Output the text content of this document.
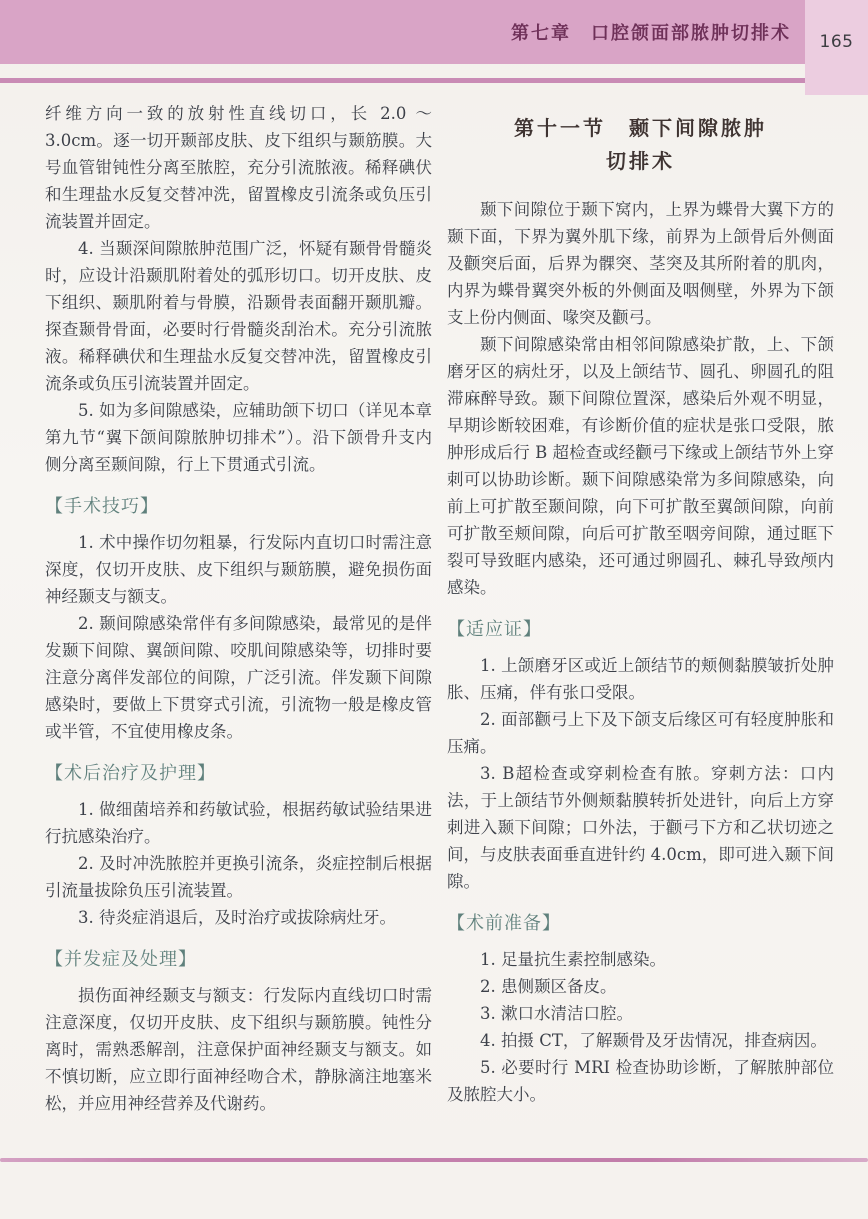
165
第七章　口腔颌面部脓肿切排术

纤维方向一致的放射性直线切口，长 2.0 ～ 3.0cm。逐一切开颞部皮肤、皮下组织与颞筋膜。大号血管钳钝性分离至脓腔，充分引流脓液。稀释碘伏和生理盐水反复交替冲洗，留置橡皮引流条或负压引流装置并固定。

4. 当颞深间隙脓肿范围广泛，怀疑有颞骨骨髓炎时，应设计沿颞肌附着处的弧形切口。切开皮肤、皮下组织、颞肌附着与骨膜，沿颞骨表面翻开颞肌瓣。探查颞骨骨面，必要时行骨髓炎刮治术。充分引流脓液。稀释碘伏和生理盐水反复交替冲洗，留置橡皮引流条或负压引流装置并固定。

5. 如为多间隙感染，应辅助颌下切口（详见本章第九节“翼下颌间隙脓肿切排术”）。沿下颌骨升支内侧分离至颞间隙，行上下贯通式引流。

【手术技巧】

1. 术中操作切勿粗暴，行发际内直切口时需注意深度，仅切开皮肤、皮下组织与颞筋膜，避免损伤面神经颞支与额支。

2. 颞间隙感染常伴有多间隙感染，最常见的是伴发颞下间隙、翼颌间隙、咬肌间隙感染等，切排时要注意分离伴发部位的间隙，广泛引流。伴发颞下间隙感染时，要做上下贯穿式引流，引流物一般是橡皮管或半管，不宜使用橡皮条。

【术后治疗及护理】

1. 做细菌培养和药敏试验，根据药敏试验结果进行抗感染治疗。

2. 及时冲洗脓腔并更换引流条，炎症控制后根据引流量拔除负压引流装置。

3. 待炎症消退后，及时治疗或拔除病灶牙。

【并发症及处理】

损伤面神经颞支与额支：行发际内直线切口时需注意深度，仅切开皮肤、皮下组织与颞筋膜。钝性分离时，需熟悉解剖，注意保护面神经颞支与额支。如不慎切断，应立即行面神经吻合术，静脉滴注地塞米松，并应用神经营养及代谢药。

第十一节　颞下间隙脓肿
切排术

颞下间隙位于颞下窝内，上界为蝶骨大翼下方的颞下面，下界为翼外肌下缘，前界为上颌骨后外侧面及颧突后面，后界为髁突、茎突及其所附着的肌肉，内界为蝶骨翼突外板的外侧面及咽侧壁，外界为下颌支上份内侧面、喙突及颧弓。

颞下间隙感染常由相邻间隙感染扩散，上、下颌磨牙区的病灶牙，以及上颌结节、圆孔、卵圆孔的阻滞麻醉导致。颞下间隙位置深，感染后外观不明显，早期诊断较困难，有诊断价值的症状是张口受限，脓肿形成后行 B 超检查或经颧弓下缘或上颌结节外上穿刺可以协助诊断。颞下间隙感染常为多间隙感染，向前上可扩散至颞间隙，向下可扩散至翼颌间隙，向前可扩散至颊间隙，向后可扩散至咽旁间隙，通过眶下裂可导致眶内感染，还可通过卵圆孔、棘孔导致颅内感染。

【适应证】

1. 上颌磨牙区或近上颌结节的颊侧黏膜皱折处肿胀、压痛，伴有张口受限。

2. 面部颧弓上下及下颌支后缘区可有轻度肿胀和压痛。

3. B超检查或穿刺检查有脓。穿刺方法：口内法，于上颌结节外侧颊黏膜转折处进针，向后上方穿刺进入颞下间隙；口外法，于颧弓下方和乙状切迹之间，与皮肤表面垂直进针约 4.0cm，即可进入颞下间隙。

【术前准备】

1. 足量抗生素控制感染。

2. 患侧颞区备皮。

3. 漱口水清洁口腔。

4. 拍摄 CT，了解颞骨及牙齿情况，排查病因。

5. 必要时行 MRI 检查协助诊断，了解脓肿部位及脓腔大小。
